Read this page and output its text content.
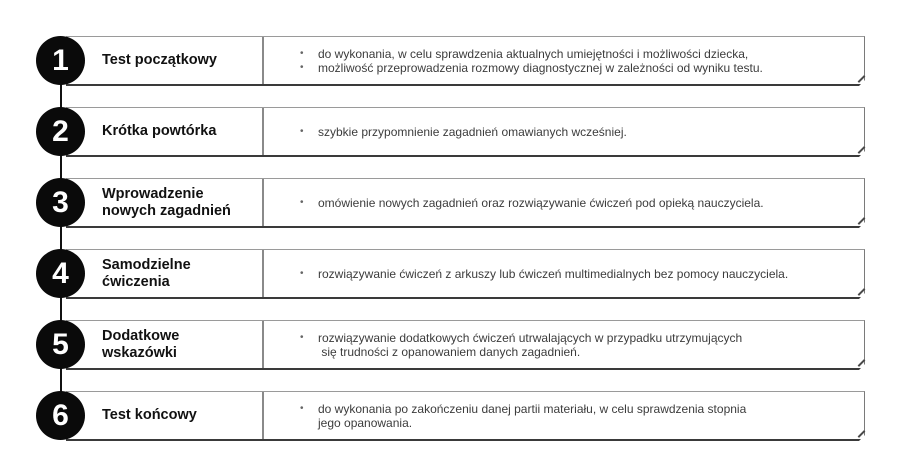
1	Test początkowy	• do wykonania, w celu sprawdzenia aktualnych umiejętności i możliwości dziecka,
• możliwość przeprowadzenia rozmowy diagnostycznej w zależności od wyniku testu.
2	Krótka powtórka	• szybkie przypomnienie zagadnień omawianych wcześniej.
3	Wprowadzenie nowych zagadnień
• omówienie nowych zagadnień oraz rozwiązywanie ćwiczeń pod opieką nauczyciela.
4	Samodzielne ćwiczenia
• rozwiązywanie ćwiczeń z arkuszy lub ćwiczeń multimedialnych bez pomocy nauczyciela.
5	Dodatkowe wskazówki
• rozwiązywanie dodatkowych ćwiczeń utrwalających w przypadku utrzymujących
się trudności z opanowaniem danych zagadnień.
6	Test końcowy	• do wykonania po zakończeniu danej partii materiału, w celu sprawdzenia stopnia
jego opanowania.
